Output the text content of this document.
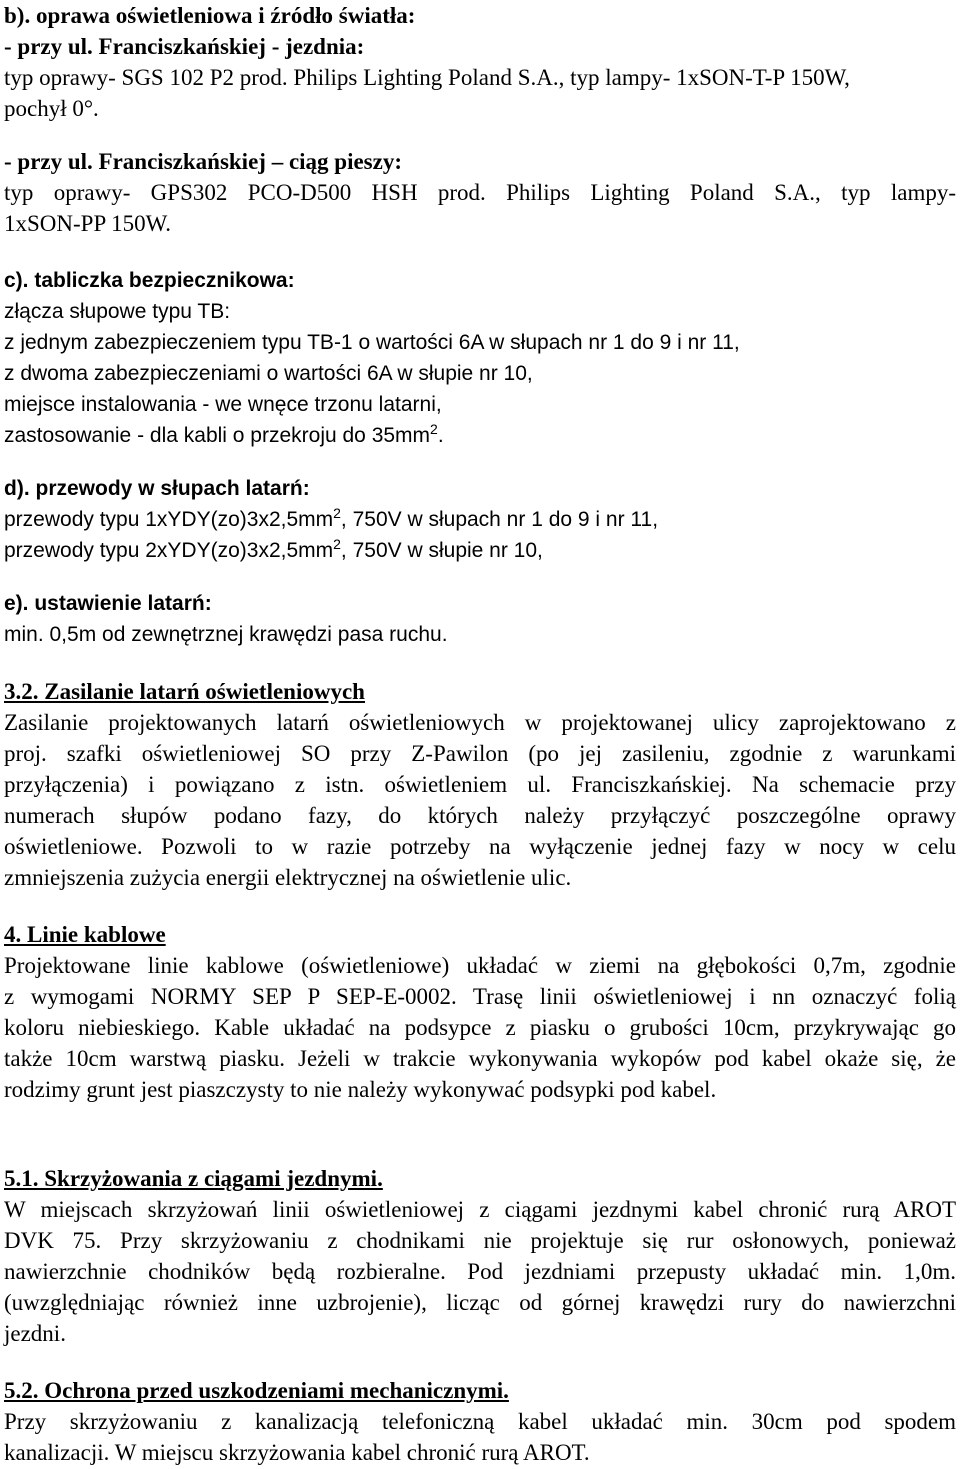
b). oprawa oświetleniowa i źródło światła:
- przy ul. Franciszkańskiej - jezdnia:
typ oprawy- SGS 102 P2 prod. Philips Lighting Poland S.A., typ lampy- 1xSON-T-P 150W,
pochył 0°.
- przy ul. Franciszkańskiej – ciąg pieszy:
typ oprawy- GPS302 PCO-D500 HSH prod. Philips Lighting Poland S.A., typ lampy-
1xSON-PP 150W.
c). tabliczka bezpiecznikowa:
złącza słupowe typu TB:
z jednym zabezpieczeniem typu TB-1 o wartości 6A w słupach nr 1 do 9 i nr 11,
z dwoma zabezpieczeniami o wartości 6A w słupie nr 10,
miejsce instalowania - we wnęce trzonu latarni,
zastosowanie - dla kabli o przekroju do $35mm^2$.
d). przewody w słupach latarń:
przewody typu $1xYDY(zo)3x2,5mm^2$, 750V w słupach nr 1 do 9 i nr 11,
przewody typu $2xYDY(zo)3x2,5mm^2$, 750V w słupie nr 10,
e). ustawienie latarń:
min. 0,5m od zewnętrznej krawędzi pasa ruchu.
3.2. Zasilanie latarń oświetleniowych
Zasilanie projektowanych latarń oświetleniowych w projektowanej ulicy zaprojektowano z
proj. szafki oświetleniowej SO przy Z-Pawilon (po jej zasileniu, zgodnie z warunkami
przyłączenia) i powiązano z istn. oświetleniem ul. Franciszkańskiej. Na schemacie przy
numerach słupów podano fazy, do których należy przyłączyć poszczególne oprawy
oświetleniowe. Pozwoli to w razie potrzeby na wyłączenie jednej fazy w nocy w celu
zmniejszenia zużycia energii elektrycznej na oświetlenie ulic.
4. Linie kablowe
Projektowane linie kablowe (oświetleniowe) układać w ziemi na głębokości 0,7m, zgodnie
z wymogami NORMY SEP P SEP-E-0002. Trasę linii oświetleniowej i nn oznaczyć folią
koloru niebieskiego. Kable układać na podsypce z piasku o grubości 10cm, przykrywając go
także 10cm warstwą piasku. Jeżeli w trakcie wykonywania wykopów pod kabel okaże się, że
rodzimy grunt jest piaszczysty to nie należy wykonywać podsypki pod kabel.
5.1. Skrzyżowania z ciągami jezdnymi.
W miejscach skrzyżowań linii oświetleniowej z ciągami jezdnymi kabel chronić rurą AROT
DVK 75. Przy skrzyżowaniu z chodnikami nie projektuje się rur osłonowych, ponieważ
nawierzchnie chodników będą rozbieralne. Pod jezdniami przepusty układać min. 1,0m.
(uwzględniając również inne uzbrojenie), licząc od górnej krawędzi rury do nawierzchni
jezdni.
5.2. Ochrona przed uszkodzeniami mechanicznymi.
Przy skrzyżowaniu z kanalizacją telefoniczną kabel układać min. 30cm pod spodem
kanalizacji. W miejscu skrzyżowania kabel chronić rurą AROT.
